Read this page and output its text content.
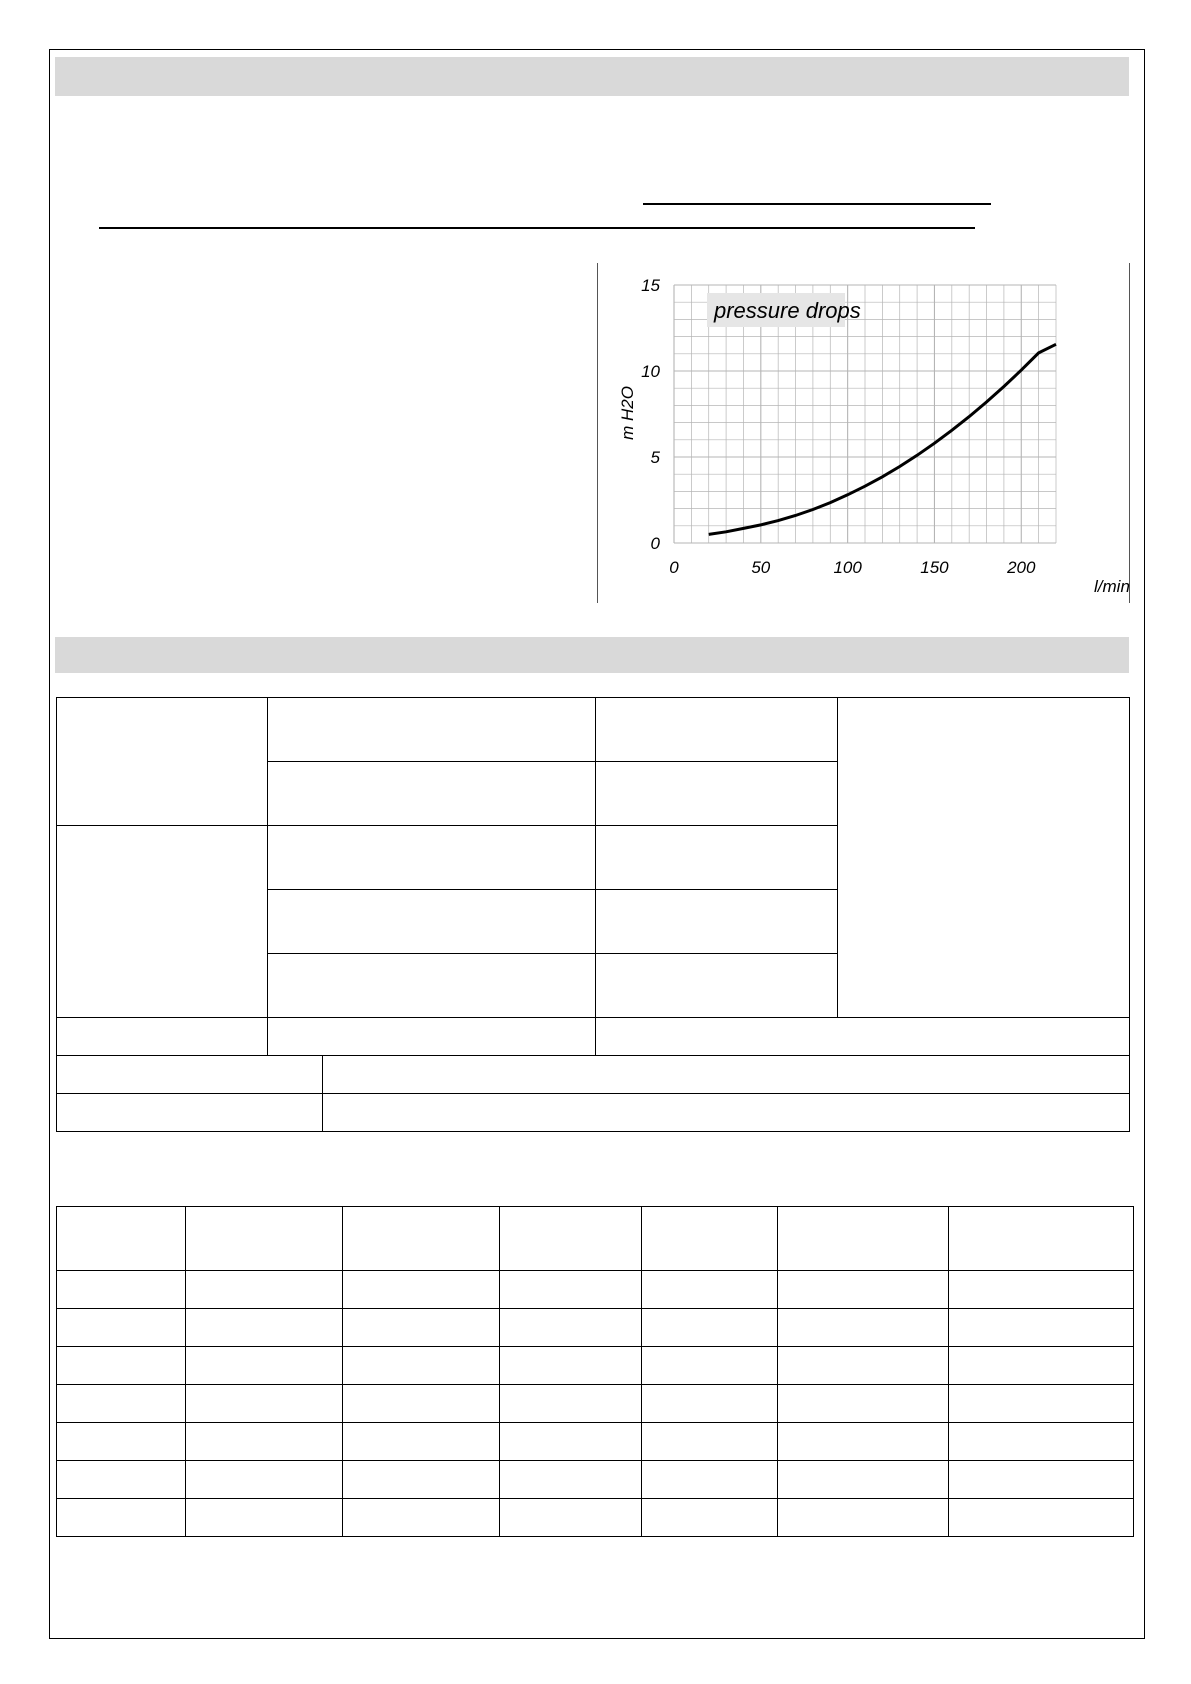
pressure drops
0	50	100	150	200
0
5
10
15
l/min
m H2O
